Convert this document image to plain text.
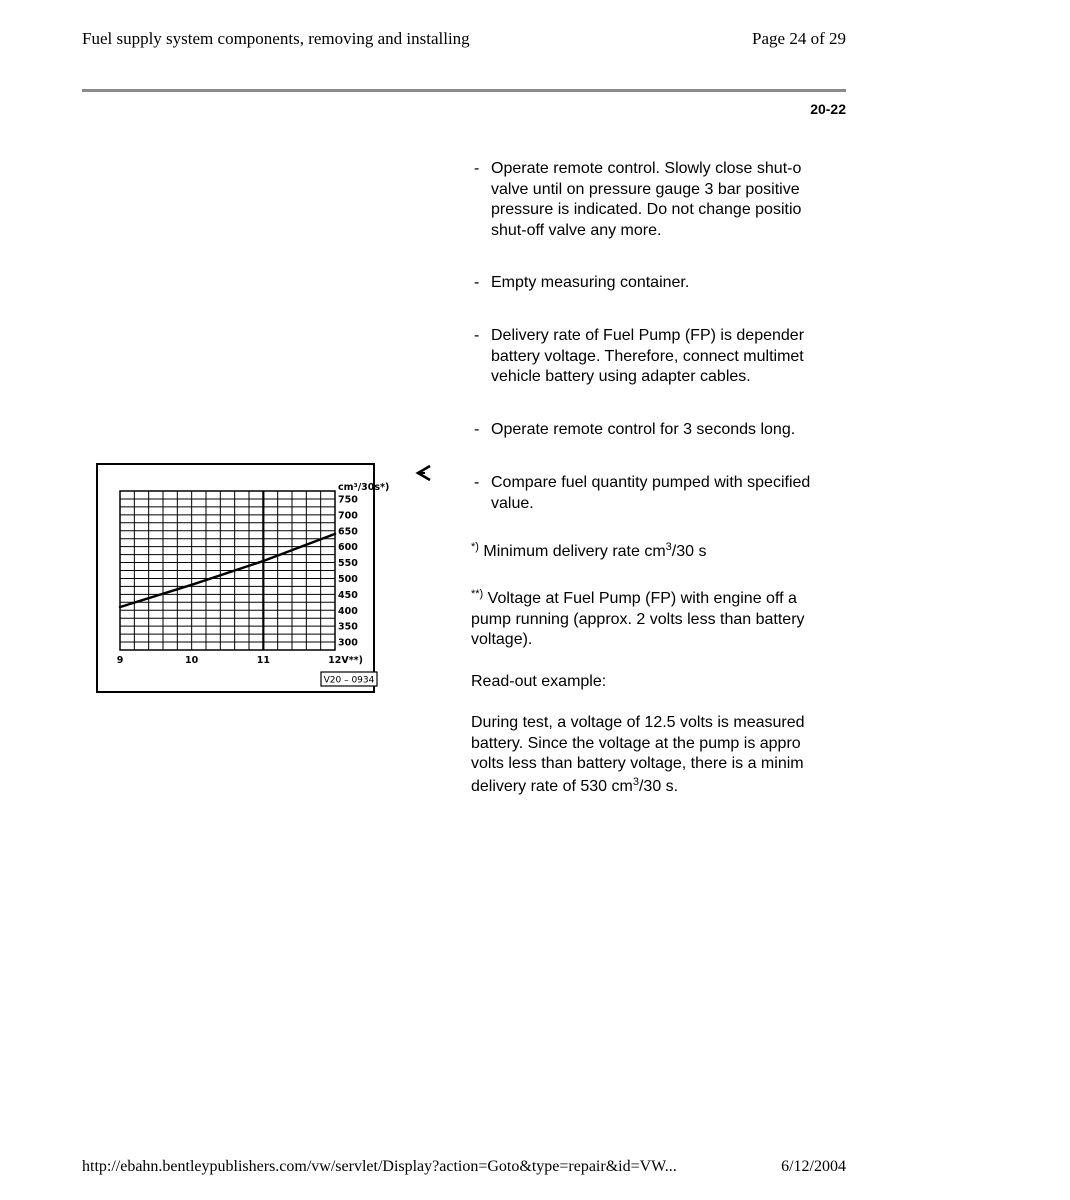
Fuel supply system components, removing and installing	Page 24 of 29
20-22
- Operate remote control. Slowly close shut-o
valve until on pressure gauge 3 bar positive
pressure is indicated. Do not change positio
shut-off valve any more.
- Empty measuring container.
- Delivery rate of Fuel Pump (FP) is depender
battery voltage. Therefore, connect multimet
vehicle battery using adapter cables.
- Operate remote control for 3 seconds long.
- Compare fuel quantity pumped with specified
value.
*) Minimum delivery rate $cm^3/30$ s
**) Voltage at Fuel Pump (FP) with engine off a
pump running (approx. 2 volts less than battery
voltage).
Read-out example:
During test, a voltage of 12.5 volts is measured
battery. Since the voltage at the pump is appro
volts less than battery voltage, there is a minim
delivery rate of 530 $cm^3/30$ s.
300
350
400
450
500
550
600
650
700
750
cm³/30s*)
9	10	11	12V**)
V20 – 0934
http://ebahn.bentleypublishers.com/vw/servlet/Display?action=Goto&type=repair&id=VW...	6/12/2004
